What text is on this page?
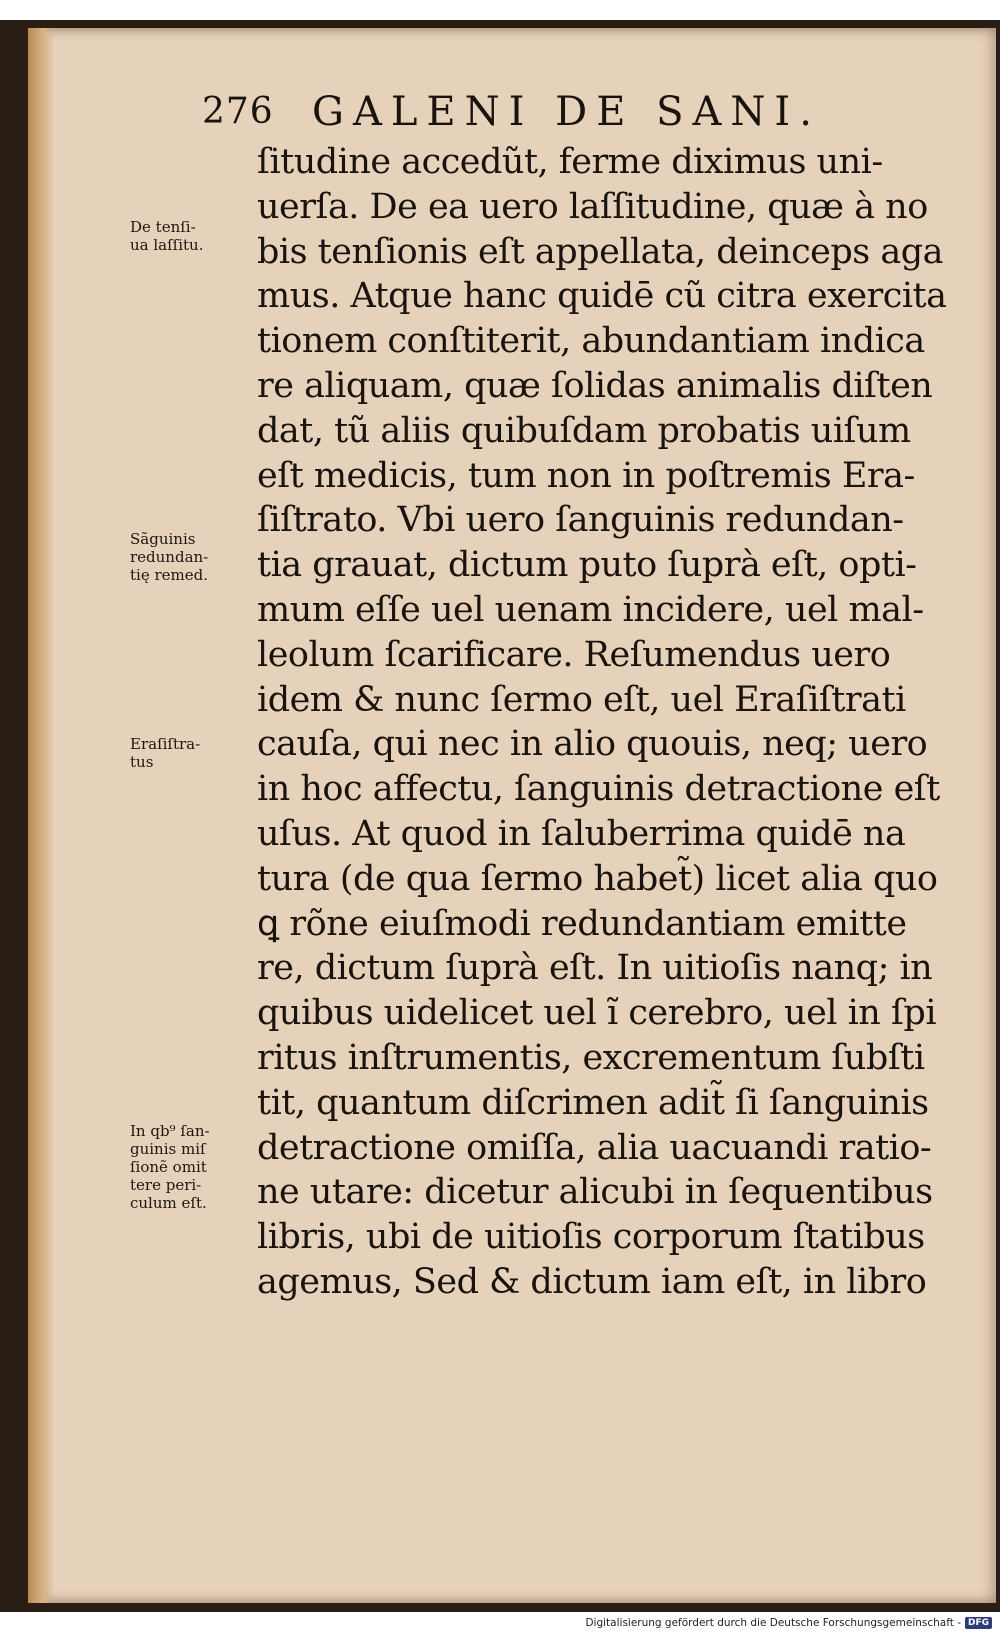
276 GALENI DE SANI.
ſitudine accedũt, ferme diximus uni-
uerſa. De ea uero laſſitudine, quæ à no
bis tenſionis eſt appellata, deinceps aga
mus. Atque hanc quidē cũ citra exercita
tionem conſtiterit, abundantiam indica
re aliquam, quæ ſolidas animalis diſten
dat, tũ aliis quibuſdam probatis uiſum
eſt medicis, tum non in poſtremis Era-
ſiſtrato. Vbi uero ſanguinis redundan-
tia grauat, dictum puto ſuprà eſt, opti-
mum eſſe uel uenam incidere, uel mal-
leolum ſcarificare. Reſumendus uero
idem & nunc ſermo eſt, uel Eraſiſtrati
cauſa, qui nec in alio quouis, neq; uero
in hoc affectu, ſanguinis detractione eſt
uſus. At quod in ſaluberrima quidē na
tura (de qua ſermo habet̃) licet alia quo
ꝗ rõne eiuſmodi redundantiam emitte
re, dictum ſuprà eſt. In uitioſis nanq; in
quibus uidelicet uel ĩ cerebro, uel in ſpi
ritus inſtrumentis, excrementum ſubſti
tit, quantum diſcrimen adit̃ ſi ſanguinis
detractione omiſſa, alia uacuandi ratio-
ne utare: dicetur alicubi in ſequentibus
libris, ubi de uitioſis corporum ſtatibus
agemus, Sed & dictum iam eſt, in libro
De tenſi-
ua laſſitu.
Sãguinis
redundan-
tię remed.
Eraſiſtra-
tus
In qb⁹ ſan-
guinis miſ
ſionẽ omit
tere peri-
culum eſt.
Digitalisierung gefördert durch die Deutsche Forschungsgemeinschaft - DFG
